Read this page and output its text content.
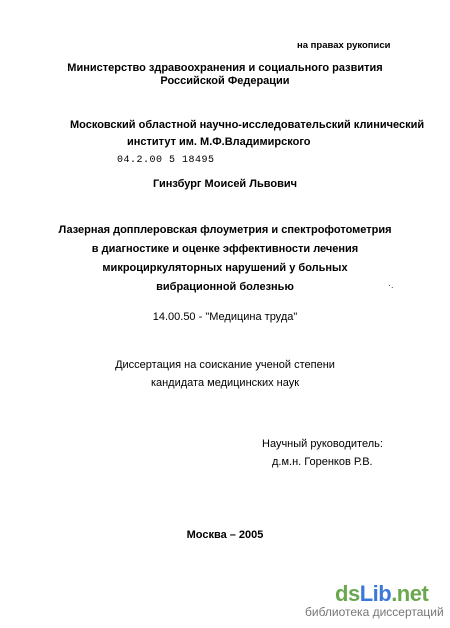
на правах рукописи
Министерство здравоохранения и социального развития
Российской Федерации
Московский областной научно-исследовательский клинический
институт им. М.Ф.Владимирского
04.2.00 5 18495
Гинзбург Моисей Львович
Лазерная допплеровская флоуметрия и спектрофотометрия
в диагностике и оценке эффективности лечения
микроциркуляторных нарушений у больных
вибрационной болезнью	·.
14.00.50 - "Медицина труда"
Диссертация на соискание ученой степени
кандидата медицинских наук
Научный руководитель:
д.м.н. Горенков Р.В.
Москва – 2005
dsLib.net
библиотека диссертаций
